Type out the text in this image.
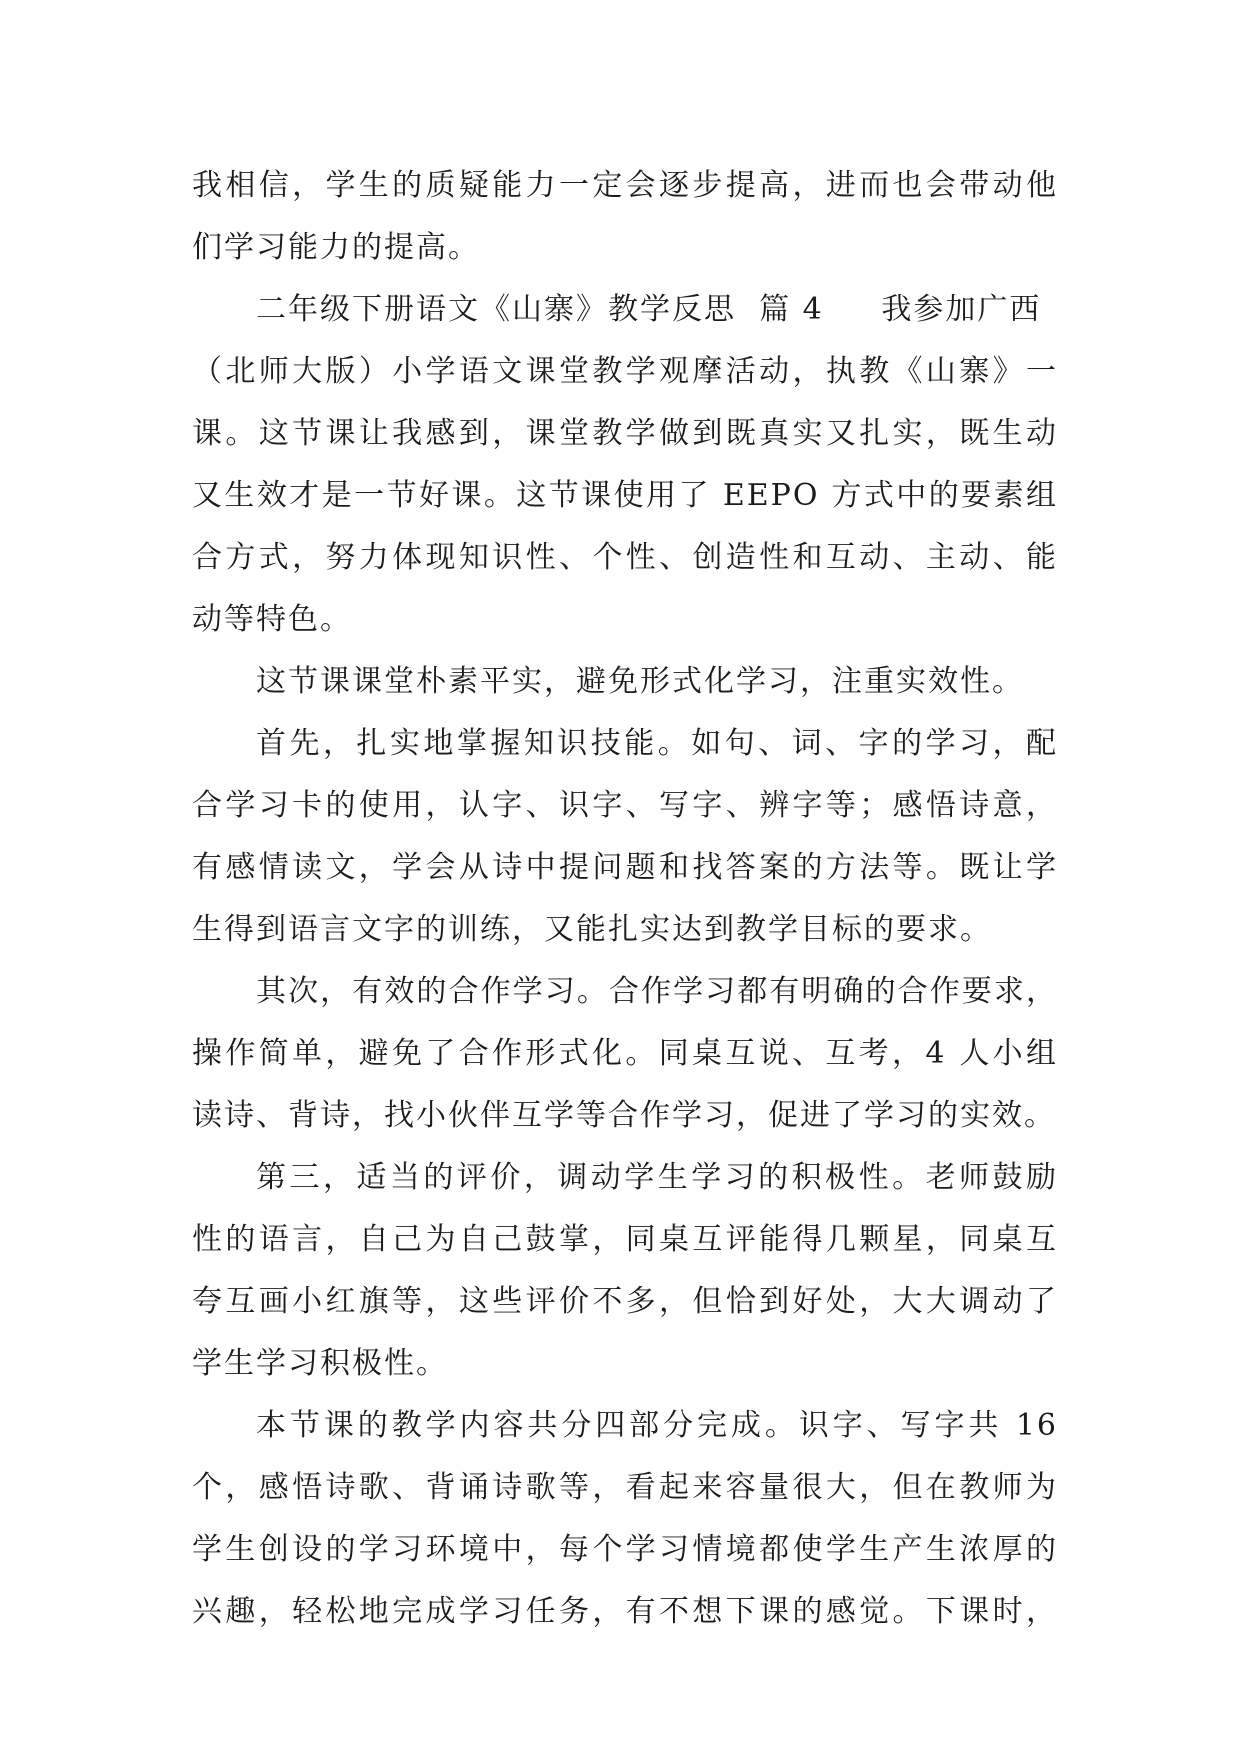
我相信，学生的质疑能力一定会逐步提高，进而也会带动他
们学习能力的提高。
二年级下册语文《山寨》教学反思  篇 4     我参加广西
（北师大版）小学语文课堂教学观摩活动，执教《山寨》一
课。这节课让我感到，课堂教学做到既真实又扎实，既生动
又生效才是一节好课。这节课使用了 EEPO 方式中的要素组
合方式，努力体现知识性、个性、创造性和互动、主动、能
动等特色。
这节课课堂朴素平实，避免形式化学习，注重实效性。
首先，扎实地掌握知识技能。如句、词、字的学习，配
合学习卡的使用，认字、识字、写字、辨字等；感悟诗意，
有感情读文，学会从诗中提问题和找答案的方法等。既让学
生得到语言文字的训练，又能扎实达到教学目标的要求。
其次，有效的合作学习。合作学习都有明确的合作要求，
操作简单，避免了合作形式化。同桌互说、互考，4 人小组
读诗、背诗，找小伙伴互学等合作学习，促进了学习的实效。
第三，适当的评价，调动学生学习的积极性。老师鼓励
性的语言，自己为自己鼓掌，同桌互评能得几颗星，同桌互
夸互画小红旗等，这些评价不多，但恰到好处，大大调动了
学生学习积极性。
本节课的教学内容共分四部分完成。识字、写字共 16
个，感悟诗歌、背诵诗歌等，看起来容量很大，但在教师为
学生创设的学习环境中，每个学习情境都使学生产生浓厚的
兴趣，轻松地完成学习任务，有不想下课的感觉。下课时，
